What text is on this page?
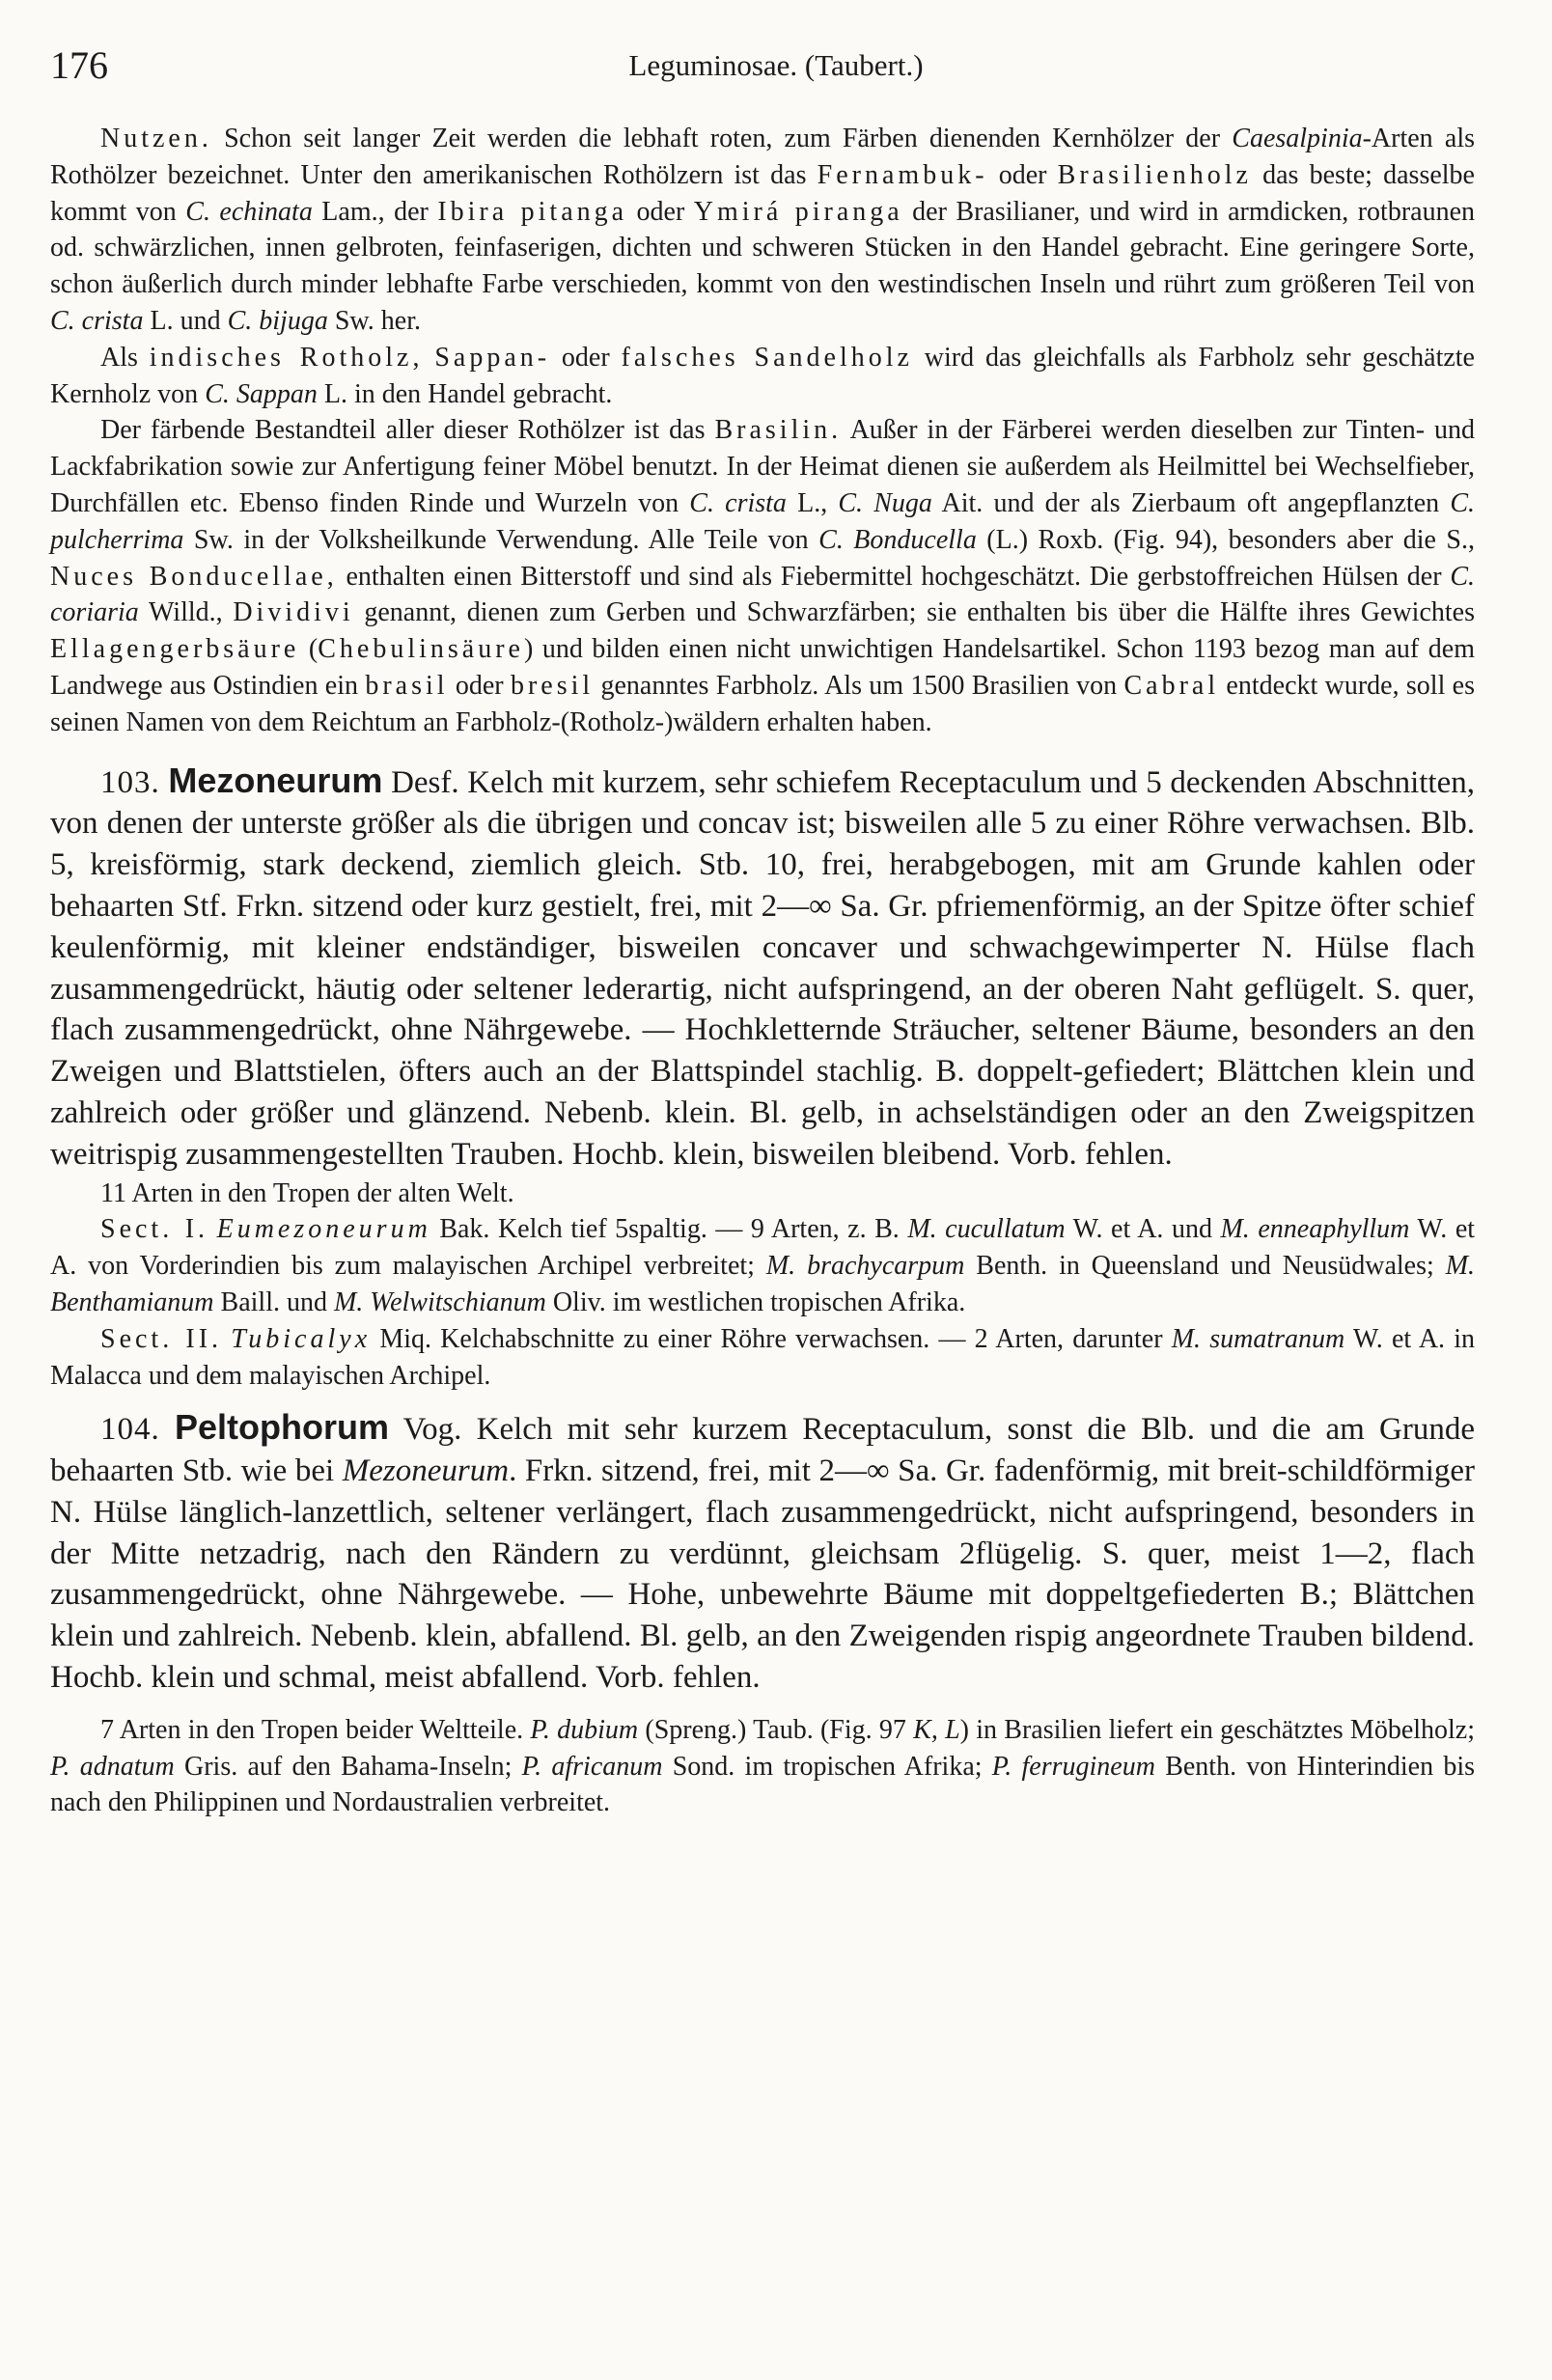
176	Leguminosae. (Taubert.)

Nutzen. Schon seit langer Zeit werden die lebhaft roten, zum Färben dienenden Kernhölzer der Caesalpinia-Arten als Rothölzer bezeichnet. Unter den amerikanischen Rothölzern ist das Fernambuk- oder Brasilienholz das beste; dasselbe kommt von C. echinata Lam., der Ibira pitanga oder Ymirá piranga der Brasilianer, und wird in armdicken, rotbraunen od. schwärzlichen, innen gelbroten, feinfaserigen, dichten und schweren Stücken in den Handel gebracht. Eine geringere Sorte, schon äußerlich durch minder lebhafte Farbe verschieden, kommt von den westindischen Inseln und rührt zum größeren Teil von C. crista L. und C. bijuga Sw. her.

Als indisches Rotholz, Sappan- oder falsches Sandelholz wird das gleichfalls als Farbholz sehr geschätzte Kernholz von C. Sappan L. in den Handel gebracht.

Der färbende Bestandteil aller dieser Rothölzer ist das Brasilin. Außer in der Färberei werden dieselben zur Tinten- und Lackfabrikation sowie zur Anfertigung feiner Möbel benutzt. In der Heimat dienen sie außerdem als Heilmittel bei Wechselfieber, Durchfällen etc. Ebenso finden Rinde und Wurzeln von C. crista L., C. Nuga Ait. und der als Zierbaum oft angepflanzten C. pulcherrima Sw. in der Volksheilkunde Verwendung. Alle Teile von C. Bonducella (L.) Roxb. (Fig. 94), besonders aber die S., Nuces Bonducellae, enthalten einen Bitterstoff und sind als Fiebermittel hochgeschätzt. Die gerbstoffreichen Hülsen der C. coriaria Willd., Dividivi genannt, dienen zum Gerben und Schwarzfärben; sie enthalten bis über die Hälfte ihres Gewichtes Ellagengerbsäure (Chebulinsäure) und bilden einen nicht unwichtigen Handelsartikel. Schon 1193 bezog man auf dem Landwege aus Ostindien ein brasil oder bresil genanntes Farbholz. Als um 1500 Brasilien von Cabral entdeckt wurde, soll es seinen Namen von dem Reichtum an Farbholz-(Rotholz-)wäldern erhalten haben.

103. Mezoneurum Desf. Kelch mit kurzem, sehr schiefem Receptaculum und 5 deckenden Abschnitten, von denen der unterste größer als die übrigen und concav ist; bisweilen alle 5 zu einer Röhre verwachsen. Blb. 5, kreisförmig, stark deckend, ziemlich gleich. Stb. 10, frei, herabgebogen, mit am Grunde kahlen oder behaarten Stf. Frkn. sitzend oder kurz gestielt, frei, mit 2—∞ Sa. Gr. pfriemenförmig, an der Spitze öfter schief keulenförmig, mit kleiner endständiger, bisweilen concaver und schwachgewimperter N. Hülse flach zusammengedrückt, häutig oder seltener lederartig, nicht aufspringend, an der oberen Naht geflügelt. S. quer, flach zusammengedrückt, ohne Nährgewebe. — Hochkletternde Sträucher, seltener Bäume, besonders an den Zweigen und Blattstielen, öfters auch an der Blattspindel stachlig. B. doppelt-gefiedert; Blättchen klein und zahlreich oder größer und glänzend. Nebenb. klein. Bl. gelb, in achselständigen oder an den Zweigspitzen weitrispig zusammengestellten Trauben. Hochb. klein, bisweilen bleibend. Vorb. fehlen.

11 Arten in den Tropen der alten Welt.

Sect. I. Eumezoneurum Bak. Kelch tief 5spaltig. — 9 Arten, z. B. M. cucullatum W. et A. und M. enneaphyllum W. et A. von Vorderindien bis zum malayischen Archipel verbreitet; M. brachycarpum Benth. in Queensland und Neusüdwales; M. Benthamianum Baill. und M. Welwitschianum Oliv. im westlichen tropischen Afrika.

Sect. II. Tubicalyx Miq. Kelchabschnitte zu einer Röhre verwachsen. — 2 Arten, darunter M. sumatranum W. et A. in Malacca und dem malayischen Archipel.

104. Peltophorum Vog. Kelch mit sehr kurzem Receptaculum, sonst die Blb. und die am Grunde behaarten Stb. wie bei Mezoneurum. Frkn. sitzend, frei, mit 2—∞ Sa. Gr. fadenförmig, mit breit-schildförmiger N. Hülse länglich-lanzettlich, seltener verlängert, flach zusammengedrückt, nicht aufspringend, besonders in der Mitte netzadrig, nach den Rändern zu verdünnt, gleichsam 2flügelig. S. quer, meist 1—2, flach zusammengedrückt, ohne Nährgewebe. — Hohe, unbewehrte Bäume mit doppeltgefiederten B.; Blättchen klein und zahlreich. Nebenb. klein, abfallend. Bl. gelb, an den Zweigenden rispig angeordnete Trauben bildend. Hochb. klein und schmal, meist abfallend. Vorb. fehlen.

7 Arten in den Tropen beider Weltteile. P. dubium (Spreng.) Taub. (Fig. 97 K, L) in Brasilien liefert ein geschätztes Möbelholz; P. adnatum Gris. auf den Bahama-Inseln; P. africanum Sond. im tropischen Afrika; P. ferrugineum Benth. von Hinterindien bis nach den Philippinen und Nordaustralien verbreitet.
